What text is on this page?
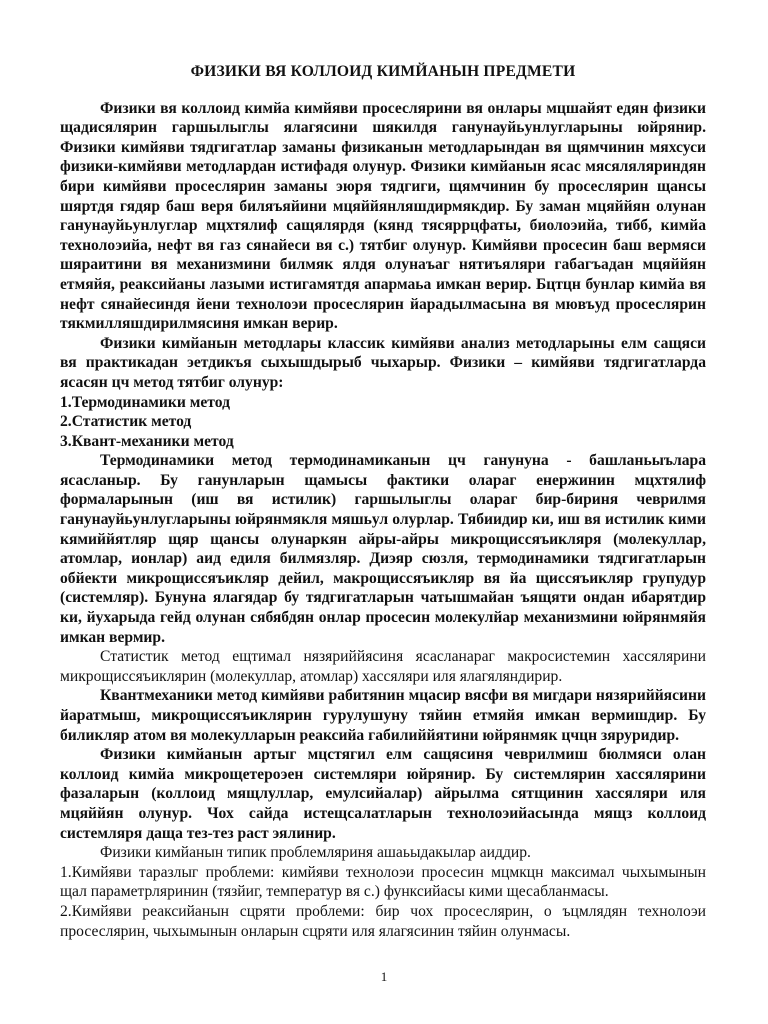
ФИЗИКИ ВЯ КОЛЛОИД КИМЙАНЫН ПРЕДМЕТИ

Физики вя коллоид кимйа кимйяви просеслярини вя онлары мцшайят едян физики щадисялярин гаршылыглы ялагясини шякилдя ганунауйьунлугларыны юйрянир. Физики кимйяви тядгигатлар заманы физиканын методларындан вя щямчинин мяхсуси физики-кимйяви методлардан истифадя олунур. Физики кимйанын ясас мясяляляриндян бири кимйяви просеслярин заманы эюря тядгиги, щямчинин бу просеслярин щансы шяртдя гядяр баш веря биляъяйини мцяййянляшдирмякдир. Бу заман мцяййян олунан ганунауйьунлуглар мцхтялиф сащялярдя (кянд тясяррцфаты, биолоэийа, тибб, кимйа технолоэийа, нефт вя газ сянайеси вя с.) тятбиг олунур. Кимйяви просесин баш вермяси шяраитини вя механизмини билмяк ялдя олунаъаг нятиъяляри габагъадан мцяййян етмяйя, реаксийаны лазыми истигамятдя апармаьа имкан верир. Бцтцн бунлар кимйа вя нефт сянайесиндя йени технолоэи просеслярин йарадылмасына вя мювъуд просеслярин тякмилляшдирилмясиня имкан верир.

Физики кимйанын методлары классик кимйяви анализ методларыны елм сащяси вя практикадан эетдикъя сыхышдырыб чыхарыр. Физики – кимйяви тядгигатларда ясасян цч метод тятбиг олунур:

1.Термодинамики метод

2.Статистик метод

3.Квант-механики метод

Термодинамики метод термодинамиканын цч ганунуна - башланьыълара ясасланыр. Бу ганунларын щамысы фактики олараг енержинин мцхтялиф формаларынын (иш вя истилик) гаршылыглы олараг бир-бириня чеврилмя ганунауйьунлугларыны юйрянмякля мяшьул олурлар. Тябиидир ки, иш вя истилик кими кямиййятляр щяр щансы олунаркян айры-айры микрощиссяъикляря (молекуллар, атомлар, ионлар) аид едиля билмязляр. Диэяр сюзля, термодинамики тядгигатларын обйекти микрощиссяъикляр дейил, макрощиссяъикляр вя йа щиссяъикляр групудур (системляр). Бунуна ялагядар бу тядгигатларын чатышмайан ъящяти ондан ибарятдир ки, йухарыда гейд олунан сябябдян онлар просесин молекулйар механизмини юйрянмяйя имкан вермир.

Статистик метод ещтимал нязяриййясиня ясасланараг макросистемин хассялярини микрощиссяъиклярин (молекуллар, атомлар) хассяляри иля ялагяляндирир.

Квантмеханики метод кимйяви рабитянин мцасир вясфи вя мигдари нязяриййясини йаратмыш, микрощиссяъиклярин гурулушуну тяйин етмяйя имкан вермишдир. Бу биликляр атом вя молекулларын реаксийа габилиййятини юйрянмяк цчцн зяруридир.

Физики кимйанын артыг мцстягил елм сащясиня чеврилмиш бюлмяси олан коллоид кимйа микрощетероэен системляри юйрянир. Бу системлярин хассялярини фазаларын (коллоид мящлуллар, емулсийалар) айрылма сятщинин хассяляри иля мцяййян олунур. Чох сайда истещсалатларын технолоэийасында мящз коллоид системляря даща тез-тез раст эялинир.

Физики кимйанын типик проблемляриня ашаьыдакылар аиддир.

1.Кимйяви таразлыг проблеми: кимйяви технолоэи просесин мцмкцн максимал чыхымынын щал параметрляринин (тязйиг, температур вя с.) функсийасы кими щесабланмасы.

2.Кимйяви реаксийанын сцряти проблеми: бир чох просеслярин, о ъцмлядян технолоэи просеслярин, чыхымынын онларын сцряти иля ялагясинин тяйин олунмасы.

1
